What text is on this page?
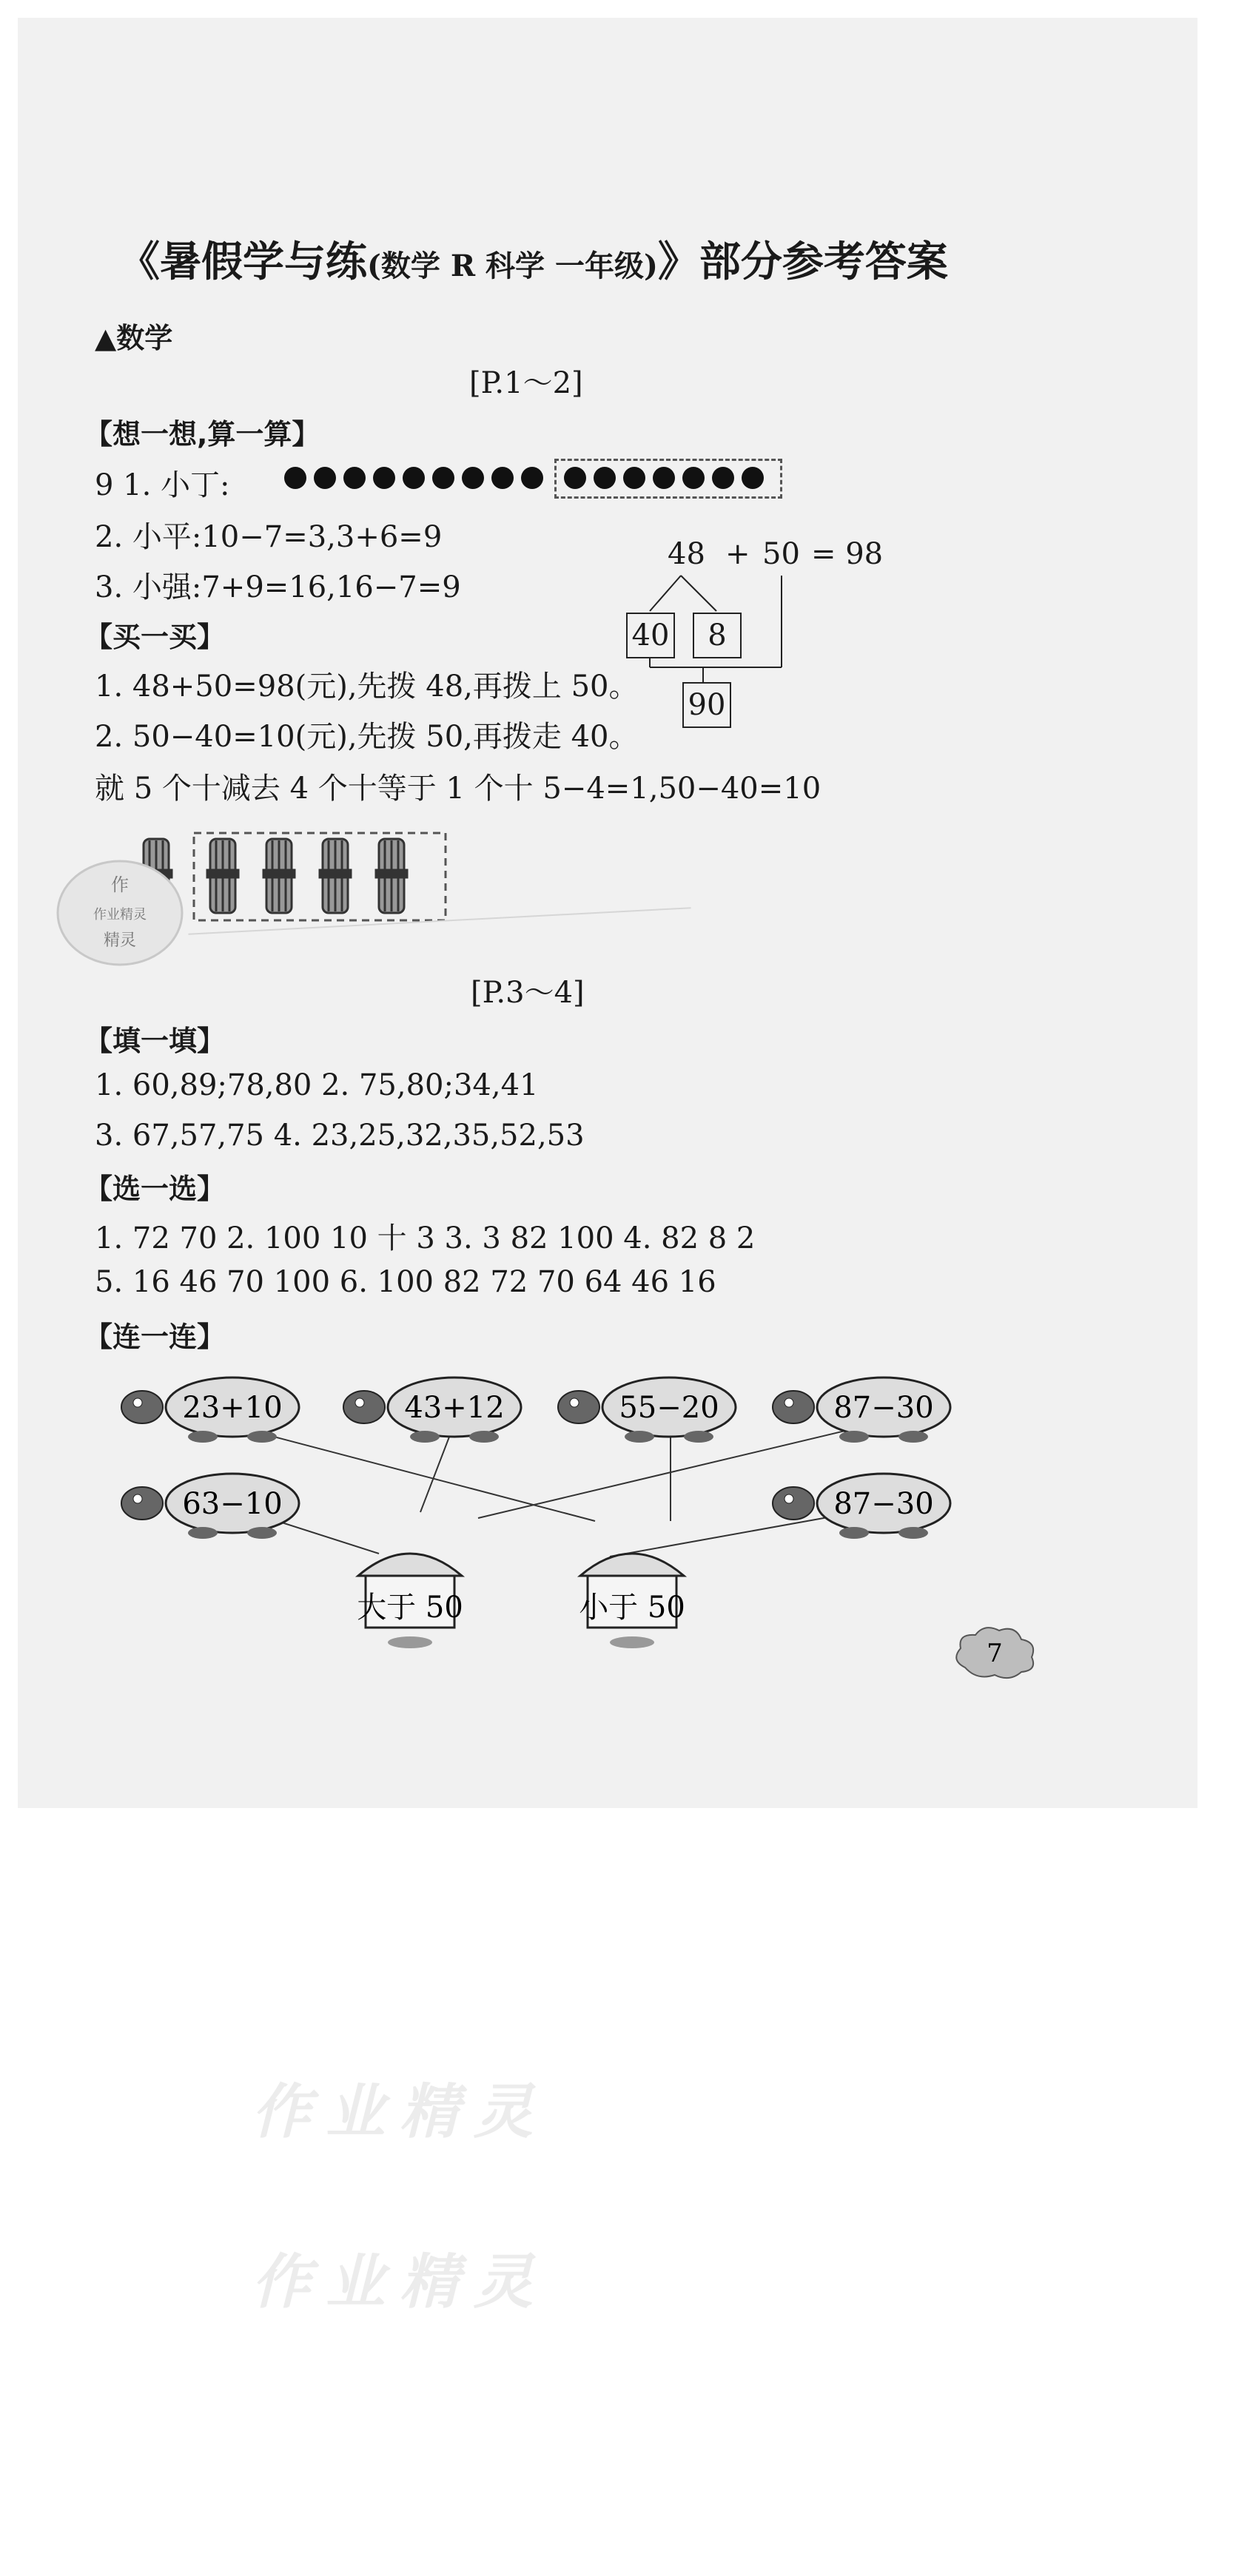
《暑假学与练(数学 R 科学 一年级)》部分参考答案
▲数学
[P.1～2]
【想一想,算一算】
9 1. 小丁:
2. 小平:10−7=3,3+6=9
3. 小强:7+9=16,16−7=9
48 + 50 = 98
40	8
90
【买一买】
1. 48+50=98(元),先拨 48,再拨上 50。
2. 50−40=10(元),先拨 50,再拨走 40。
就 5 个十减去 4 个十等于 1 个十 5−4=1,50−40=10
作
作业精灵
精灵
[P.3～4]
【填一填】
1. 60,89;78,80 2. 75,80;34,41
3. 67,57,75 4. 23,25,32,35,52,53
【选一选】
1. 72 70 2. 100 10 十 3 3. 3 82 100 4. 82 8 2
5. 16 46 70 100 6. 100 82 72 70 64 46 16
【连一连】
23+10	43+12	55−20	87−30
63−10	87−30
大于 50	小于 50
7
作业精灵
作业精灵
